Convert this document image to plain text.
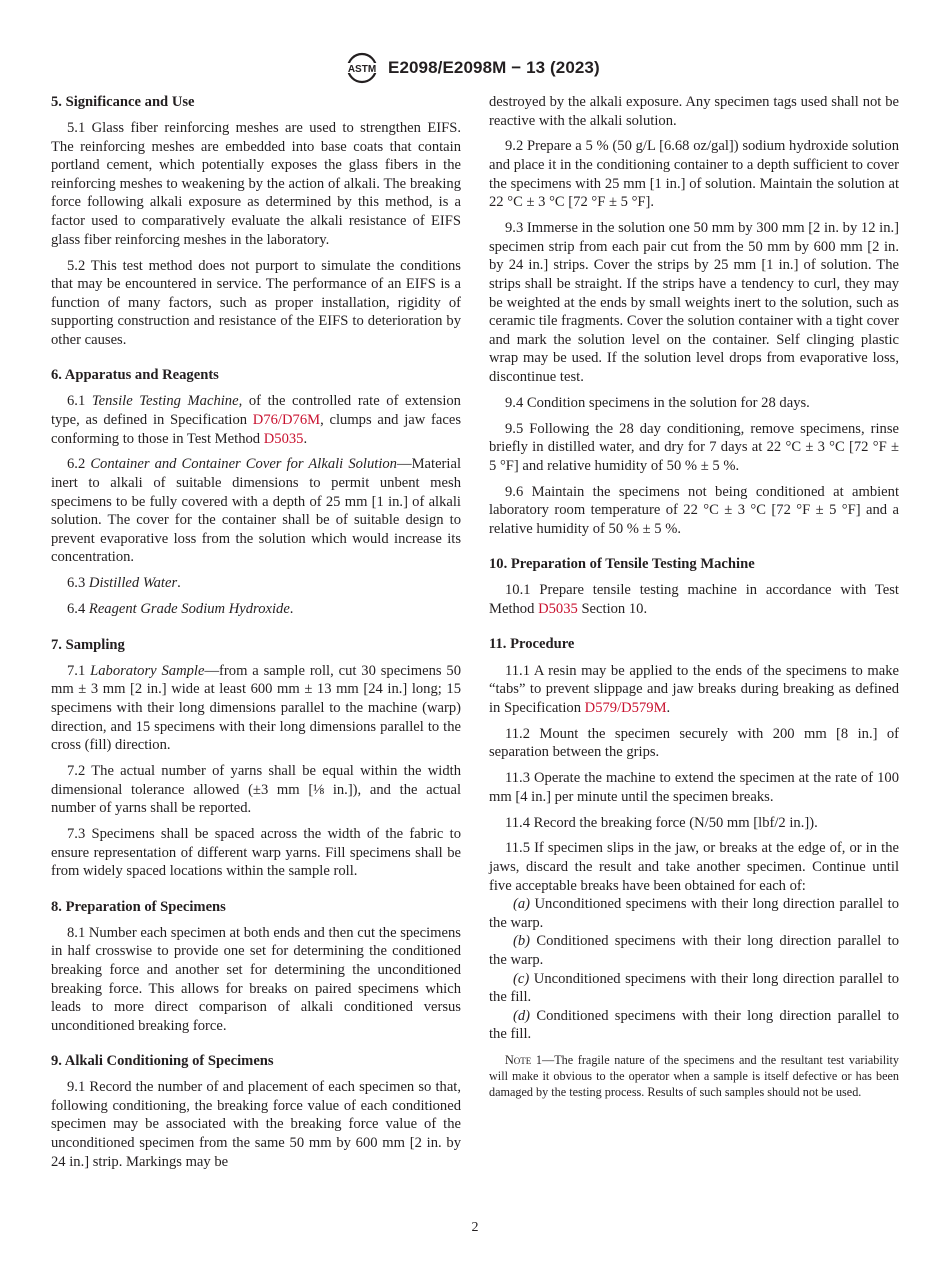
ASTM E2098/E2098M − 13 (2023)
5. Significance and Use

5.1 Glass fiber reinforcing meshes are used to strengthen EIFS. The reinforcing meshes are embedded into base coats that contain portland cement, which potentially exposes the glass fibers in the reinforcing meshes to weakening by the action of alkali. The breaking force following alkali exposure as determined by this method, is a factor used to comparatively evaluate the alkali resistance of EIFS glass fiber reinforcing meshes in the laboratory.

5.2 This test method does not purport to simulate the conditions that may be encountered in service. The performance of an EIFS is a function of many factors, such as proper installation, rigidity of supporting construction and resistance of the EIFS to deterioration by other causes.

6. Apparatus and Reagents

6.1 Tensile Testing Machine, of the controlled rate of extension type, as defined in Specification D76/D76M, clumps and jaw faces conforming to those in Test Method D5035.

6.2 Container and Container Cover for Alkali Solution—Material inert to alkali of suitable dimensions to permit unbent mesh specimens to be fully covered with a depth of 25 mm [1 in.] of alkali solution. The cover for the container shall be of suitable design to prevent evaporative loss from the solution which would increase its concentration.

6.3 Distilled Water.

6.4 Reagent Grade Sodium Hydroxide.

7. Sampling

7.1 Laboratory Sample—from a sample roll, cut 30 specimens 50 mm ± 3 mm [2 in.] wide at least 600 mm ± 13 mm [24 in.] long; 15 specimens with their long dimensions parallel to the machine (warp) direction, and 15 specimens with their long dimensions parallel to the cross (fill) direction.

7.2 The actual number of yarns shall be equal within the width dimensional tolerance allowed (±3 mm [⅛ in.]), and the actual number of yarns shall be reported.

7.3 Specimens shall be spaced across the width of the fabric to ensure representation of different warp yarns. Fill specimens shall be from widely spaced locations within the sample roll.

8. Preparation of Specimens

8.1 Number each specimen at both ends and then cut the specimens in half crosswise to provide one set for determining the conditioned breaking force and another set for determining the unconditioned breaking force. This allows for breaks on paired specimens which leads to more direct comparison of alkali conditioned versus unconditioned breaking force.

9. Alkali Conditioning of Specimens

9.1 Record the number of and placement of each specimen so that, following conditioning, the breaking force value of each conditioned specimen may be associated with the breaking force value of the unconditioned specimen from the same 50 mm by 600 mm [2 in. by 24 in.] strip. Markings may be

destroyed by the alkali exposure. Any specimen tags used shall not be reactive with the alkali solution.

9.2 Prepare a 5 % (50 g/L [6.68 oz/gal]) sodium hydroxide solution and place it in the conditioning container to a depth sufficient to cover the specimens with 25 mm [1 in.] of solution. Maintain the solution at 22 °C ± 3 °C [72 °F ± 5 °F].

9.3 Immerse in the solution one 50 mm by 300 mm [2 in. by 12 in.] specimen strip from each pair cut from the 50 mm by 600 mm [2 in. by 24 in.] strips. Cover the strips by 25 mm [1 in.] of solution. The strips shall be straight. If the strips have a tendency to curl, they may be weighted at the ends by small weights inert to the solution, such as ceramic tile fragments. Cover the solution container with a tight cover and mark the solution level on the container. Self clinging plastic wrap may be used. If the solution level drops from evaporative loss, discontinue test.

9.4 Condition specimens in the solution for 28 days.

9.5 Following the 28 day conditioning, remove specimens, rinse briefly in distilled water, and dry for 7 days at 22 °C ± 3 °C [72 °F ± 5 °F] and relative humidity of 50 % ± 5 %.

9.6 Maintain the specimens not being conditioned at ambient laboratory room temperature of 22 °C ± 3 °C [72 °F ± 5 °F] and a relative humidity of 50 % ± 5 %.

10. Preparation of Tensile Testing Machine

10.1 Prepare tensile testing machine in accordance with Test Method D5035 Section 10.

11. Procedure

11.1 A resin may be applied to the ends of the specimens to make “tabs” to prevent slippage and jaw breaks during breaking as defined in Specification D579/D579M.

11.2 Mount the specimen securely with 200 mm [8 in.] of separation between the grips.

11.3 Operate the machine to extend the specimen at the rate of 100 mm [4 in.] per minute until the specimen breaks.

11.4 Record the breaking force (N/50 mm [lbf/2 in.]).

11.5 If specimen slips in the jaw, or breaks at the edge of, or in the jaws, discard the result and take another specimen. Continue until five acceptable breaks have been obtained for each of:

(a) Unconditioned specimens with their long direction parallel to the warp.

(b) Conditioned specimens with their long direction parallel to the warp.

(c) Unconditioned specimens with their long direction parallel to the fill.

(d) Conditioned specimens with their long direction parallel to the fill.

Note 1—The fragile nature of the specimens and the resultant test variability will make it obvious to the operator when a sample is itself defective or has been damaged by the testing process. Results of such samples should not be used.

2
